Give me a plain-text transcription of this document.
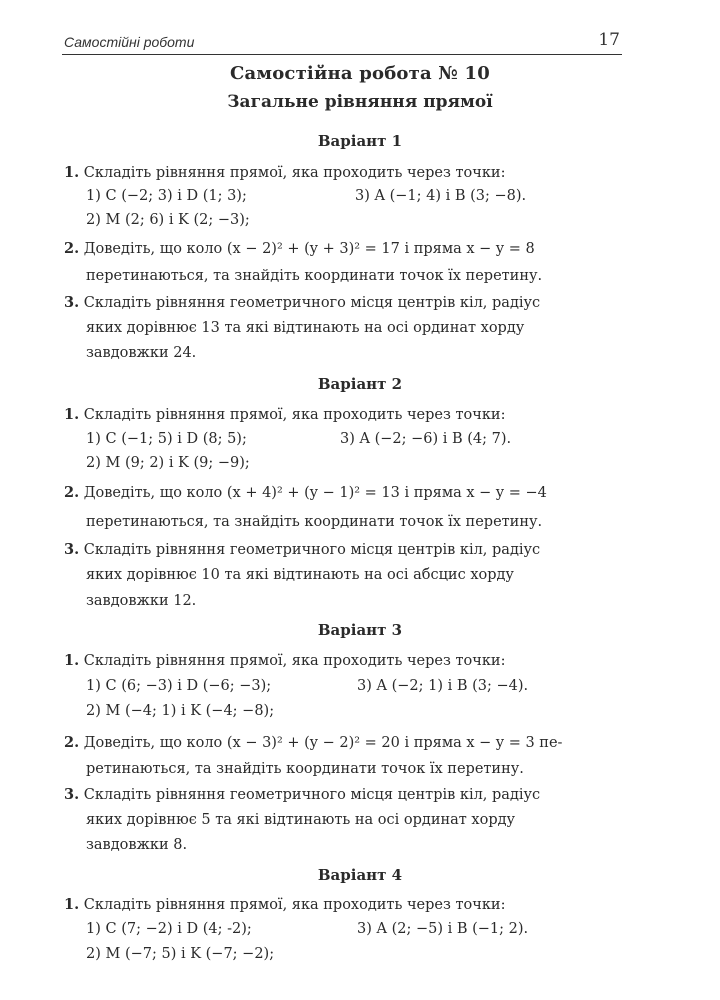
Самостійні роботи	17
Самостійна робота № 10
Загальне рівняння прямої
Варіант 1
1. Складіть рівняння прямої, яка проходить через точки:
1) C (−2; 3) і D (1; 3);	3) A (−1; 4) і B (3; −8).
2) M (2; 6) і K (2; −3);
2. Доведіть, що коло (x − 2)² + (y + 3)² = 17 і пряма x − y = 8
перетинаються, та знайдіть координати точок їх перетину.
3. Складіть рівняння геометричного місця центрів кіл, радіус
яких дорівнює 13 та які відтинають на осі ординат хорду
завдовжки 24.
Варіант 2
1. Складіть рівняння прямої, яка проходить через точки:
1) C (−1; 5) і D (8; 5);	3) A (−2; −6) і B (4; 7).
2) M (9; 2) і K (9; −9);
2. Доведіть, що коло (x + 4)² + (y − 1)² = 13 і пряма x − y = −4
перетинаються, та знайдіть координати точок їх перетину.
3. Складіть рівняння геометричного місця центрів кіл, радіус
яких дорівнює 10 та які відтинають на осі абсцис хорду
завдовжки 12.
Варіант 3
1. Складіть рівняння прямої, яка проходить через точки:
1) C (6; −3) і D (−6; −3);	3) A (−2; 1) і B (3; −4).
2) M (−4; 1) і K (−4; −8);
2. Доведіть, що коло (x − 3)² + (y − 2)² = 20 і пряма x − y = 3 пе-
ретинаються, та знайдіть координати точок їх перетину.
3. Складіть рівняння геометричного місця центрів кіл, радіус
яких дорівнює 5 та які відтинають на осі ординат хорду
завдовжки 8.
Варіант 4
1. Складіть рівняння прямої, яка проходить через точки:
1) C (7; −2) і D (4; -2);	3) A (2; −5) і B (−1; 2).
2) M (−7; 5) і K (−7; −2);
